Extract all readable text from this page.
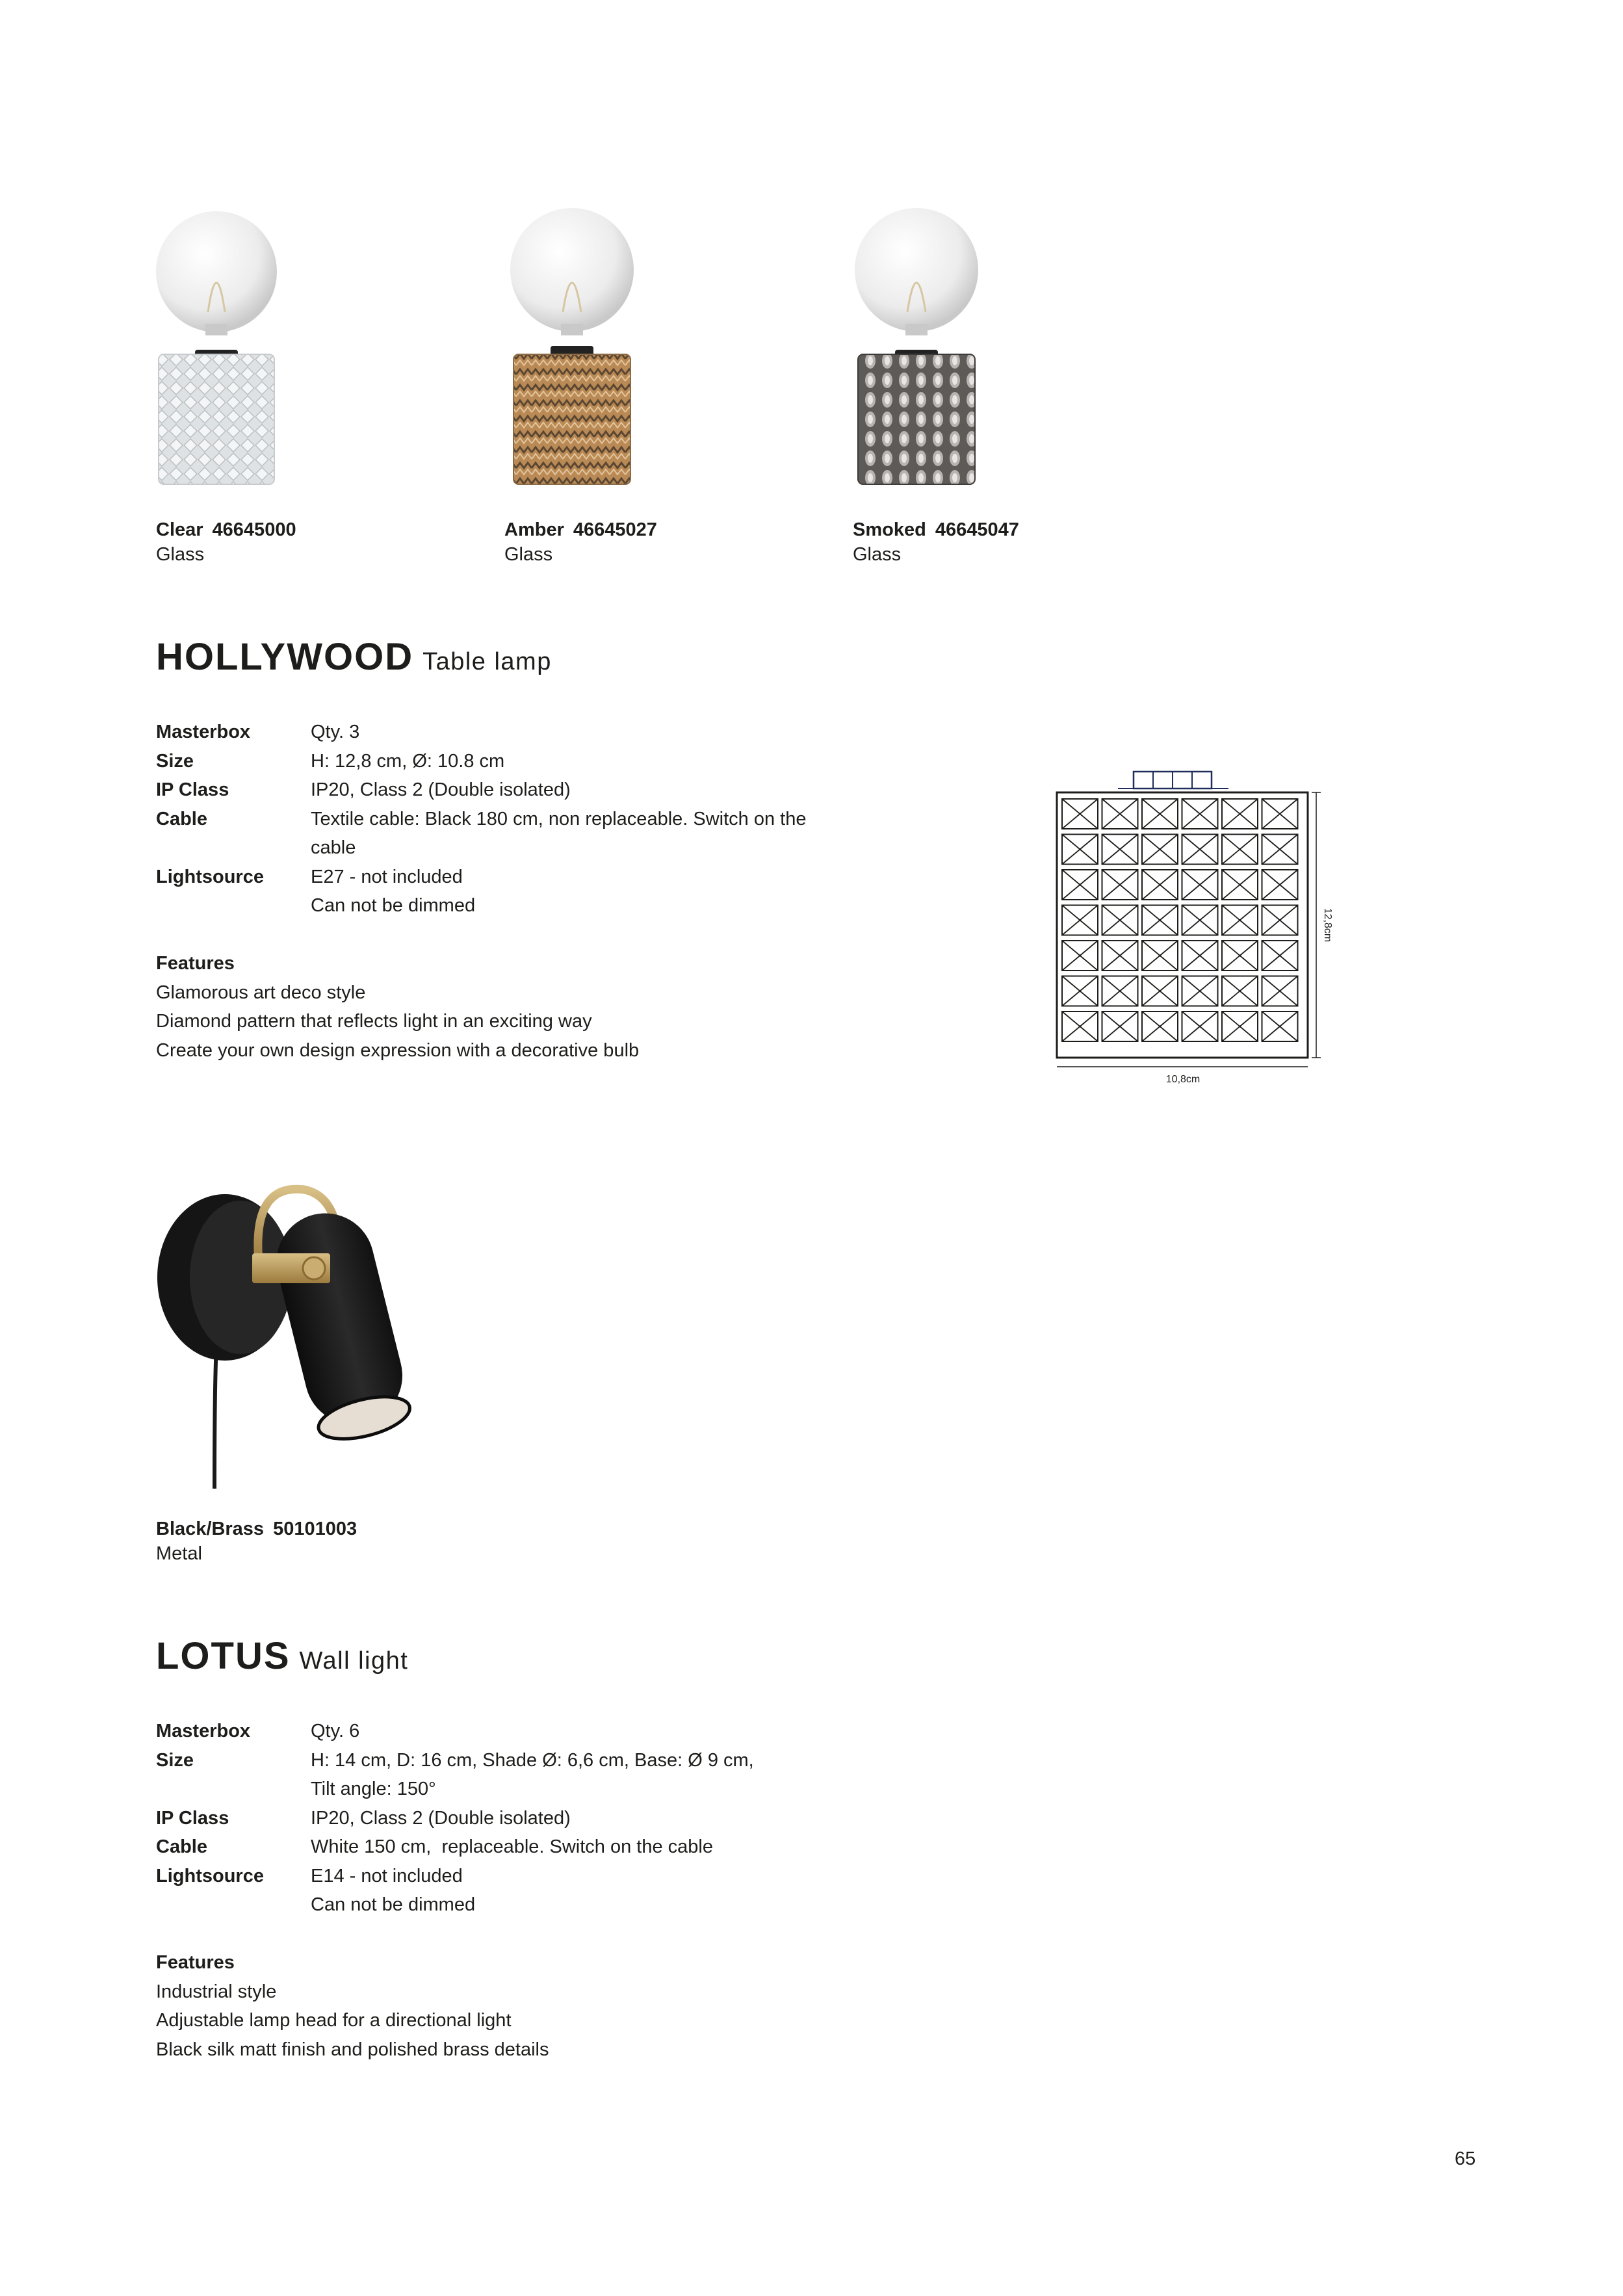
Clear 46645000
Glass
Amber 46645027
Glass
Smoked 46645047
Glass
HOLLYWOOD Table lamp
Masterbox	Qty. 3
Size	H: 12,8 cm, Ø: 10.8 cm
IP Class	IP20, Class 2 (Double isolated)
Cable	Textile cable: Black 180 cm, non replaceable. Switch on the
cable
Lightsource	E27 - not included
Can not be dimmed
Features
Glamorous art deco style
Diamond pattern that reflects light in an exciting way
Create your own design expression with a decorative bulb
12,8cm
10,8cm
Black/Brass 50101003
Metal
LOTUS Wall light
Masterbox	Qty. 6
Size	H: 14 cm, D: 16 cm, Shade Ø: 6,6 cm, Base: Ø 9 cm,
Tilt angle: 150°
IP Class	IP20, Class 2 (Double isolated)
Cable	White 150 cm,  replaceable. Switch on the cable
Lightsource	E14 - not included
Can not be dimmed
Features
Industrial style
Adjustable lamp head for a directional light
Black silk matt finish and polished brass details
65
